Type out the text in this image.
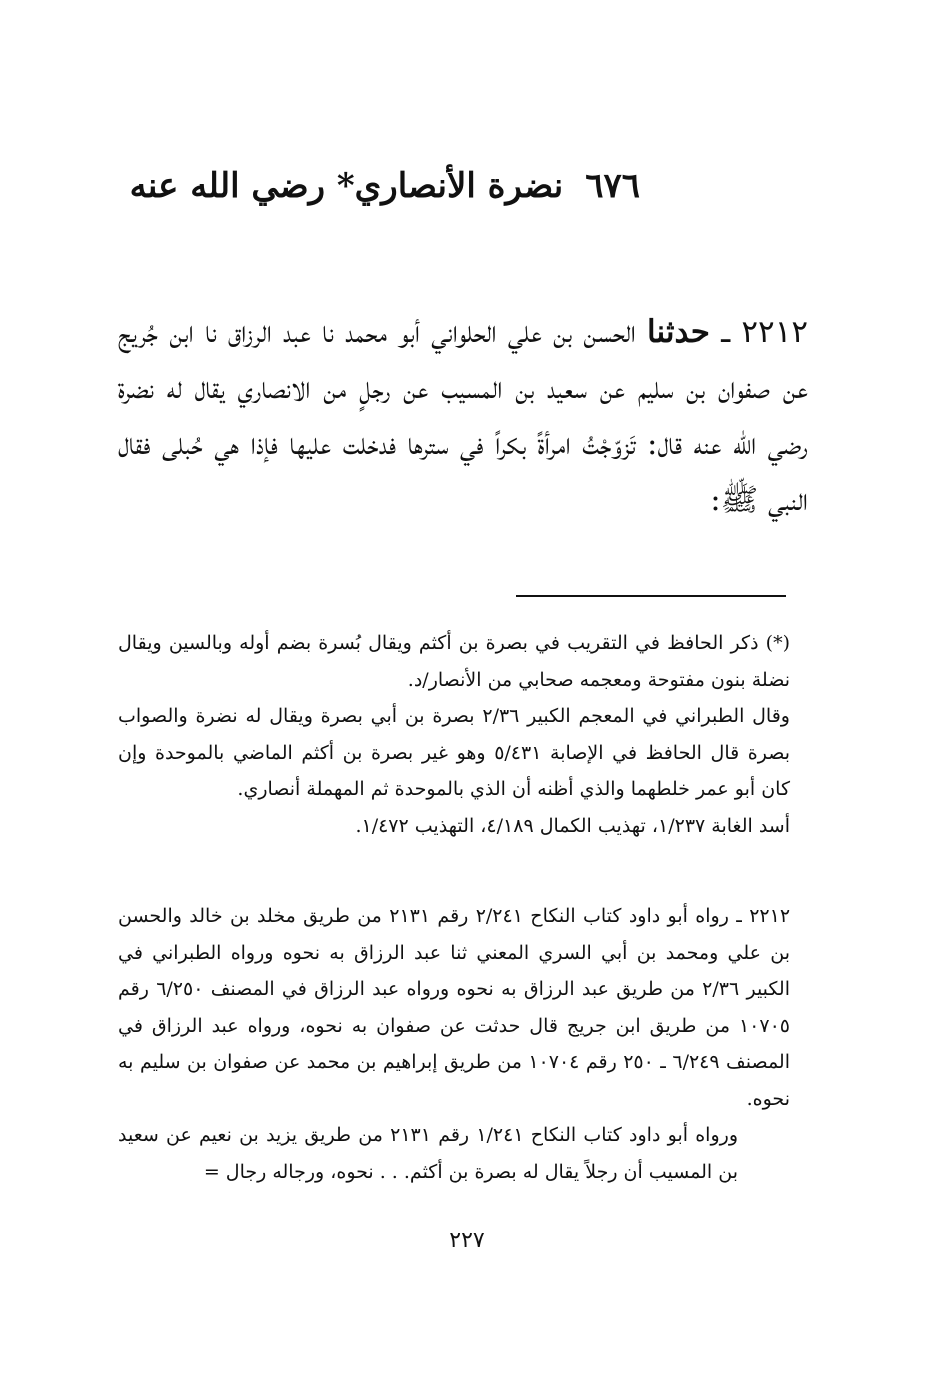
٦٧٦نضرة الأنصاري* رضي الله عنه
٢٢١٢ ـ حدثنا الحسن بن علي الحلواني أبو محمد نا عبد الرزاق نا ابن جُريج عن صفوان بن سليم عن سعيد بن المسيب عن رجلٍ من الانصاري يقال له نضرة رضي الله عنه قال: تَزوّجْتُ امرأةً بكراً في سترها فدخلت عليها فإذا هي حُبلى فقال النبي ﷺ:

(*) ذكر الحافظ في التقريب في بصرة بن أكثم ويقال بُسرة بضم أوله وبالسين ويقال نضلة بنون مفتوحة ومعجمه صحابي من الأنصار/د.

وقال الطبراني في المعجم الكبير ٢/٣٦ بصرة بن أبي بصرة ويقال له نضرة والصواب بصرة قال الحافظ في الإصابة ٥/٤٣١ وهو غير بصرة بن أكثم الماضي بالموحدة وإن كان أبو عمر خلطهما والذي أظنه أن الذي بالموحدة ثم المهملة أنصاري.

أسد الغابة ١/٢٣٧، تهذيب الكمال ٤/١٨٩، التهذيب ١/٤٧٢.

٢٢١٢ ـ رواه أبو داود كتاب النكاح ٢/٢٤١ رقم ٢١٣١ من طريق مخلد بن خالد والحسن بن علي ومحمد بن أبي السري المعني ثنا عبد الرزاق به نحوه ورواه الطبراني في الكبير ٢/٣٦ من طريق عبد الرزاق به نحوه ورواه عبد الرزاق في المصنف ٦/٢٥٠ رقم ١٠٧٠٥ من طريق ابن جريج قال حدثت عن صفوان به نحوه، ورواه عبد الرزاق في المصنف ٦/٢٤٩ ـ ٢٥٠ رقم ١٠٧٠٤ من طريق إبراهيم بن محمد عن صفوان بن سليم به نحوه.

ورواه أبو داود كتاب النكاح ١/٢٤١ رقم ٢١٣١ من طريق يزيد بن نعيم عن سعيد بن المسيب أن رجلاً يقال له بصرة بن أكثم. . . نحوه، ورجاله رجال =

٢٢٧
